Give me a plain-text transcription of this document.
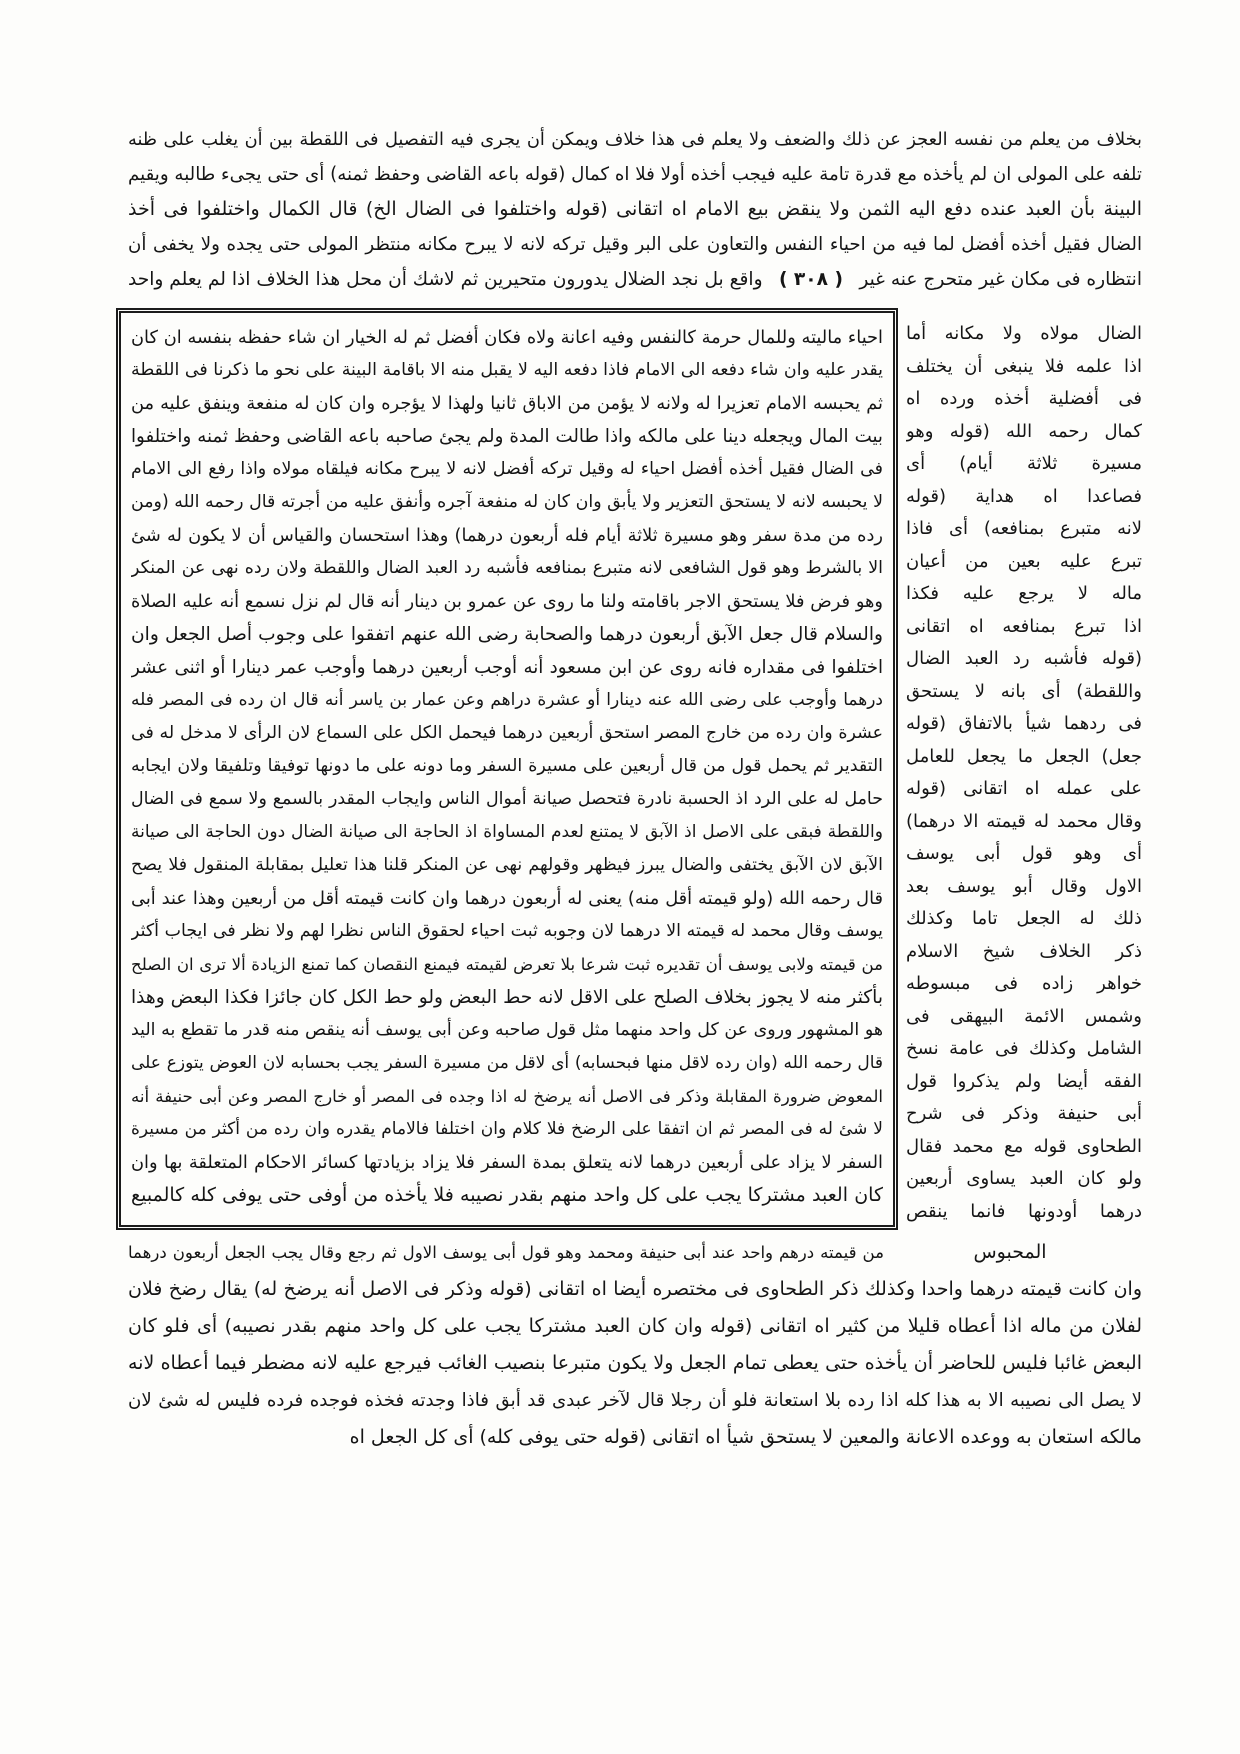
بخلاف من يعلم من نفسه العجز عن ذلك والضعف ولا يعلم فى هذا خلاف ويمكن أن يجرى فيه التفصيل فى اللقطة بين أن يغلب على ظنه
تلفه على المولى ان لم يأخذه مع قدرة تامة عليه فيجب أخذه أولا فلا اه كمال (قوله باعه القاضى وحفظ ثمنه) أى حتى يجىء طالبه ويقيم
البينة بأن العبد عنده دفع اليه الثمن ولا ينقض بيع الامام اه اتقانى (قوله واختلفوا فى الضال الخ) قال الكمال واختلفوا فى أخذ
الضال فقيل أخذه أفضل لما فيه من احياء النفس والتعاون على البر وقيل تركه لانه لا يبرح مكانه منتظر المولى حتى يجده ولا يخفى أن
انتظاره فى مكان غير متحرج عنه غير
( ٣٠٨ )
واقع بل نجد الضلال يدورون متحيرين ثم لاشك أن محل هذا الخلاف اذا لم يعلم واحد
احياء ماليته وللمال حرمة كالنفس وفيه اعانة ولاه فكان أفضل ثم له الخيار ان شاء حفظه بنفسه ان كان
يقدر عليه وان شاء دفعه الى الامام فاذا دفعه اليه لا يقبل منه الا باقامة البينة على نحو ما ذكرنا فى اللقطة
ثم يحبسه الامام تعزيرا له ولانه لا يؤمن من الاباق ثانيا ولهذا لا يؤجره وان كان له منفعة وينفق عليه من
بيت المال ويجعله دينا على مالكه واذا طالت المدة ولم يجئ صاحبه باعه القاضى وحفظ ثمنه واختلفوا
فى الضال فقيل أخذه أفضل احياء له وقيل تركه أفضل لانه لا يبرح مكانه فيلقاه مولاه واذا رفع الى الامام
لا يحبسه لانه لا يستحق التعزير ولا يأبق وان كان له منفعة آجره وأنفق عليه من أجرته قال رحمه الله (ومن
رده من مدة سفر وهو مسيرة ثلاثة أيام فله أربعون درهما) وهذا استحسان والقياس أن لا يكون له شئ
الا بالشرط وهو قول الشافعى لانه متبرع بمنافعه فأشبه رد العبد الضال واللقطة ولان رده نهى عن المنكر
وهو فرض فلا يستحق الاجر باقامته ولنا ما روى عن عمرو بن دينار أنه قال لم نزل نسمع أنه عليه الصلاة
والسلام قال جعل الآبق أربعون درهما والصحابة رضى الله عنهم اتفقوا على وجوب أصل الجعل وان
اختلفوا فى مقداره فانه روى عن ابن مسعود أنه أوجب أربعين درهما وأوجب عمر دينارا أو اثنى عشر
درهما وأوجب على رضى الله عنه دينارا أو عشرة دراهم وعن عمار بن ياسر أنه قال ان رده فى المصر فله
عشرة وان رده من خارج المصر استحق أربعين درهما فيحمل الكل على السماع لان الرأى لا مدخل له فى
التقدير ثم يحمل قول من قال أربعين على مسيرة السفر وما دونه على ما دونها توفيقا وتلفيقا ولان ايجابه
حامل له على الرد اذ الحسبة نادرة فتحصل صيانة أموال الناس وايجاب المقدر بالسمع ولا سمع فى الضال
واللقطة فبقى على الاصل اذ الآبق لا يمتنع لعدم المساواة اذ الحاجة الى صيانة الضال دون الحاجة الى صيانة
الآبق لان الآبق يختفى والضال يبرز فيظهر وقولهم نهى عن المنكر قلنا هذا تعليل بمقابلة المنقول فلا يصح
قال رحمه الله (ولو قيمته أقل منه) يعنى له أربعون درهما وان كانت قيمته أقل من أربعين وهذا عند أبى
يوسف وقال محمد له قيمته الا درهما لان وجوبه ثبت احياء لحقوق الناس نظرا لهم ولا نظر فى ايجاب أكثر
من قيمته ولابى يوسف أن تقديره ثبت شرعا بلا تعرض لقيمته فيمنع النقصان كما تمنع الزيادة ألا ترى ان الصلح
بأكثر منه لا يجوز بخلاف الصلح على الاقل لانه حط البعض ولو حط الكل كان جائزا فكذا البعض وهذا
هو المشهور وروى عن كل واحد منهما مثل قول صاحبه وعن أبى يوسف أنه ينقص منه قدر ما تقطع به اليد
قال رحمه الله (وان رده لاقل منها فبحسابه) أى لاقل من مسيرة السفر يجب بحسابه لان العوض يتوزع على
المعوض ضرورة المقابلة وذكر فى الاصل أنه يرضخ له اذا وجده فى المصر أو خارج المصر وعن أبى حنيفة أنه
لا شئ له فى المصر ثم ان اتفقا على الرضخ فلا كلام وان اختلفا فالامام يقدره وان رده من أكثر من مسيرة
السفر لا يزاد على أربعين درهما لانه يتعلق بمدة السفر فلا يزاد بزيادتها كسائر الاحكام المتعلقة بها وان
كان العبد مشتركا يجب على كل واحد منهم بقدر نصيبه فلا يأخذه من أوفى حتى يوفى كله كالمبيع
الضال مولاه ولا مكانه أما
اذا علمه فلا ينبغى أن يختلف
فى أفضلية أخذه ورده اه
كمال رحمه الله (قوله وهو
مسيرة ثلاثة أيام) أى
فصاعدا اه هداية (قوله
لانه متبرع بمنافعه) أى فاذا
تبرع عليه بعين من أعيان
ماله لا يرجع عليه فكذا
اذا تبرع بمنافعه اه اتقانى
(قوله فأشبه رد العبد الضال
واللقطة) أى بانه لا يستحق
فى ردهما شيأ بالاتفاق (قوله
جعل) الجعل ما يجعل للعامل
على عمله اه اتقانى (قوله
وقال محمد له قيمته الا درهما)
أى وهو قول أبى يوسف
الاول وقال أبو يوسف بعد
ذلك له الجعل تاما وكذلك
ذكر الخلاف شيخ الاسلام
خواهر زاده فى مبسوطه
وشمس الائمة البيهقى فى
الشامل وكذلك فى عامة نسخ
الفقه أيضا ولم يذكروا قول
أبى حنيفة وذكر فى شرح
الطحاوى قوله مع محمد فقال
ولو كان العبد يساوى أربعين
درهما أودونها فانما ينقص
المحبوس
من قيمته درهم واحد عند أبى حنيفة ومحمد وهو قول أبى يوسف الاول ثم رجع وقال يجب الجعل أربعون درهما
وان كانت قيمته درهما واحدا وكذلك ذكر الطحاوى فى مختصره أيضا اه اتقانى (قوله وذكر فى الاصل أنه يرضخ له) يقال رضخ فلان
لفلان من ماله اذا أعطاه قليلا من كثير اه اتقانى (قوله وان كان العبد مشتركا يجب على كل واحد منهم بقدر نصيبه) أى فلو كان
البعض غائبا فليس للحاضر أن يأخذه حتى يعطى تمام الجعل ولا يكون متبرعا بنصيب الغائب فيرجع عليه لانه مضطر فيما أعطاه لانه
لا يصل الى نصيبه الا به هذا كله اذا رده بلا استعانة فلو أن رجلا قال لآخر عبدى قد أبق فاذا وجدته فخذه فوجده فرده فليس له شئ لان
مالكه استعان به ووعده الاعانة والمعين لا يستحق شيأ اه اتقانى (قوله حتى يوفى كله) أى كل الجعل اه
